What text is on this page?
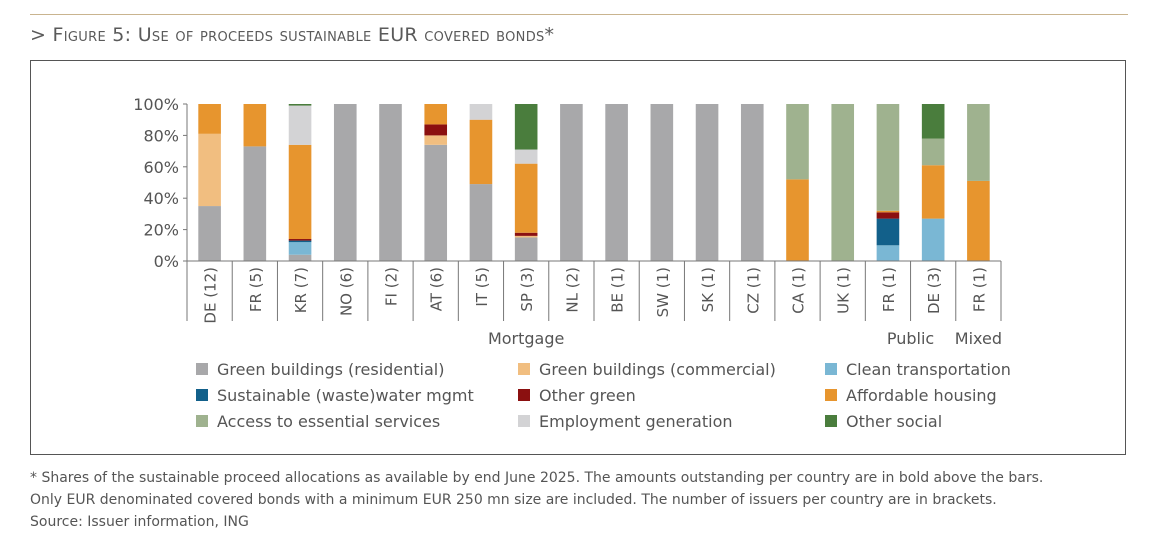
> Figure 5: Use of proceeds sustainable EUR covered bonds*
0%
20%
40%
60%
80%
100%
DE (12) FR (5) KR (7) NO (6) FI (2) AT (6) IT (5) SP (3) NL (2) BE (1) SW (1) SK (1) CZ (1) CA (1) UK (1) FR (1) DE (3) FR (1)
Mortgage	Public Mixed
Green buildings (residential)	Green buildings (commercial)	Clean transportation
Sustainable (waste)water mgmt	Other green	Affordable housing
Access to essential services	Employment generation	Other social
* Shares of the sustainable proceed allocations as available by end June 2025. The amounts outstanding per country are in bold above the bars.
Only EUR denominated covered bonds with a minimum EUR 250 mn size are included. The number of issuers per country are in brackets.
Source: Issuer information, ING
